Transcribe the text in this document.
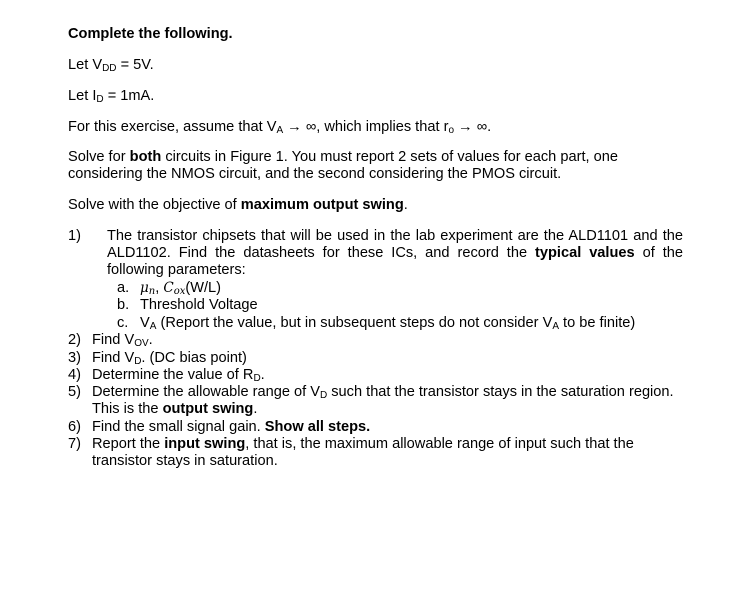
Complete the following.

Let $V_{DD} = 5V$.

Let $I_D = 1mA$.

For this exercise, assume that $V_A$ → ∞, which implies that $r_o$ → ∞.

Solve for both circuits in Figure 1. You must report 2 sets of values for each part, one considering the NMOS circuit, and the second considering the PMOS circuit.

Solve with the objective of maximum output swing.

1) The transistor chipsets that will be used in the lab experiment are the ALD1101 and the ALD1102. Find the datasheets for these ICs, and record the typical values of the following parameters:

a. $\mu_n$, $C_{ox}(W/L)$

b. Threshold Voltage

c. $V_A$ (Report the value, but in subsequent steps do not consider $V_A$ to be finite)

2) Find $V_{OV}$.

3) Find $V_D$. (DC bias point)

4) Determine the value of $R_D$.

5) Determine the allowable range of $V_D$ such that the transistor stays in the saturation region. This is the output swing.

6) Find the small signal gain. Show all steps.

7) Report the input swing, that is, the maximum allowable range of input such that the transistor stays in saturation.
